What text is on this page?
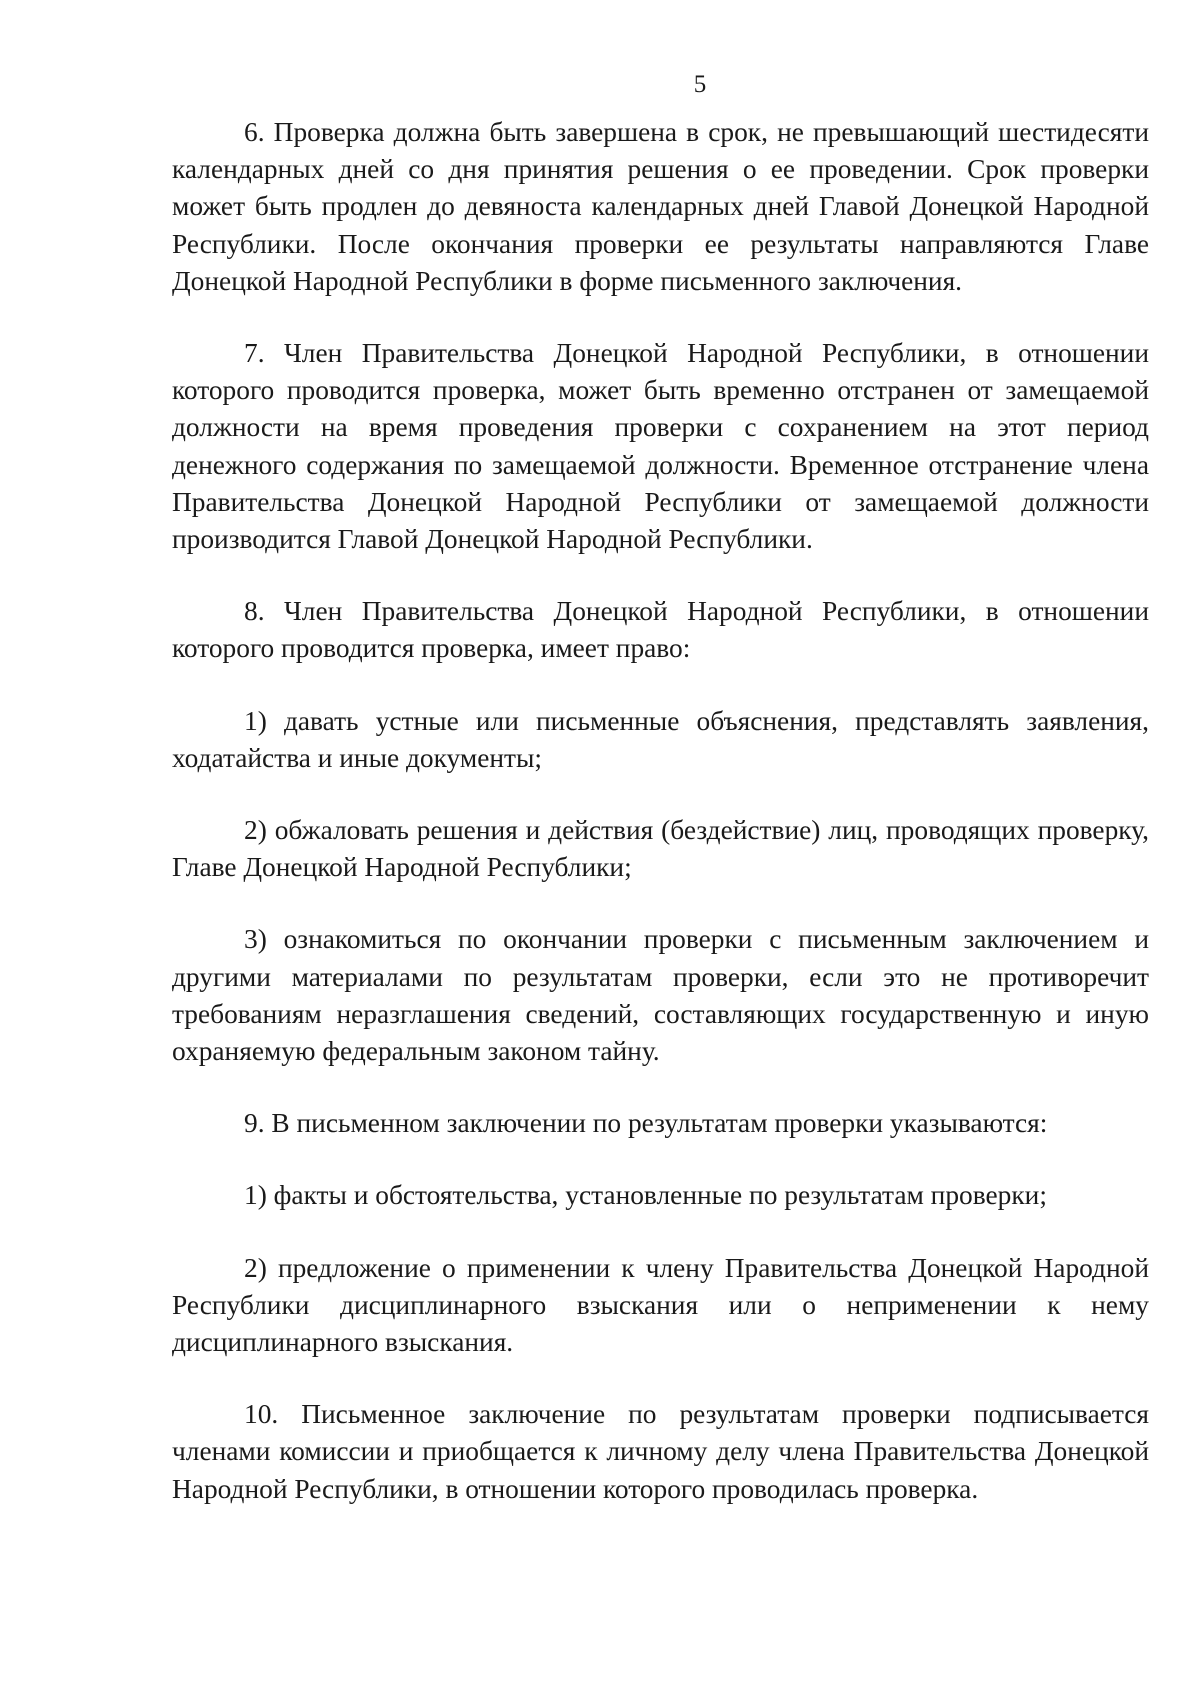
5

6. Проверка должна быть завершена в срок, не превышающий шестидесяти календарных дней со дня принятия решения о ее проведении. Срок проверки может быть продлен до девяноста календарных дней Главой Донецкой Народной Республики. После окончания проверки ее результаты направляются Главе Донецкой Народной Республики в форме письменного заключения.

7. Член Правительства Донецкой Народной Республики, в отношении которого проводится проверка, может быть временно отстранен от замещаемой должности на время проведения проверки с сохранением на этот период денежного содержания по замещаемой должности. Временное отстранение члена Правительства Донецкой Народной Республики от замещаемой должности производится Главой Донецкой Народной Республики.

8. Член Правительства Донецкой Народной Республики, в отношении которого проводится проверка, имеет право:

1) давать устные или письменные объяснения, представлять заявления, ходатайства и иные документы;

2) обжаловать решения и действия (бездействие) лиц, проводящих проверку, Главе Донецкой Народной Республики;

3) ознакомиться по окончании проверки с письменным заключением и другими материалами по результатам проверки, если это не противоречит требованиям неразглашения сведений, составляющих государственную и иную охраняемую федеральным законом тайну.

9. В письменном заключении по результатам проверки указываются:

1) факты и обстоятельства, установленные по результатам проверки;

2) предложение о применении к члену Правительства Донецкой Народной Республики дисциплинарного взыскания или о неприменении к нему дисциплинарного взыскания.

10. Письменное заключение по результатам проверки подписывается членами комиссии и приобщается к личному делу члена Правительства Донецкой Народной Республики, в отношении которого проводилась проверка.
